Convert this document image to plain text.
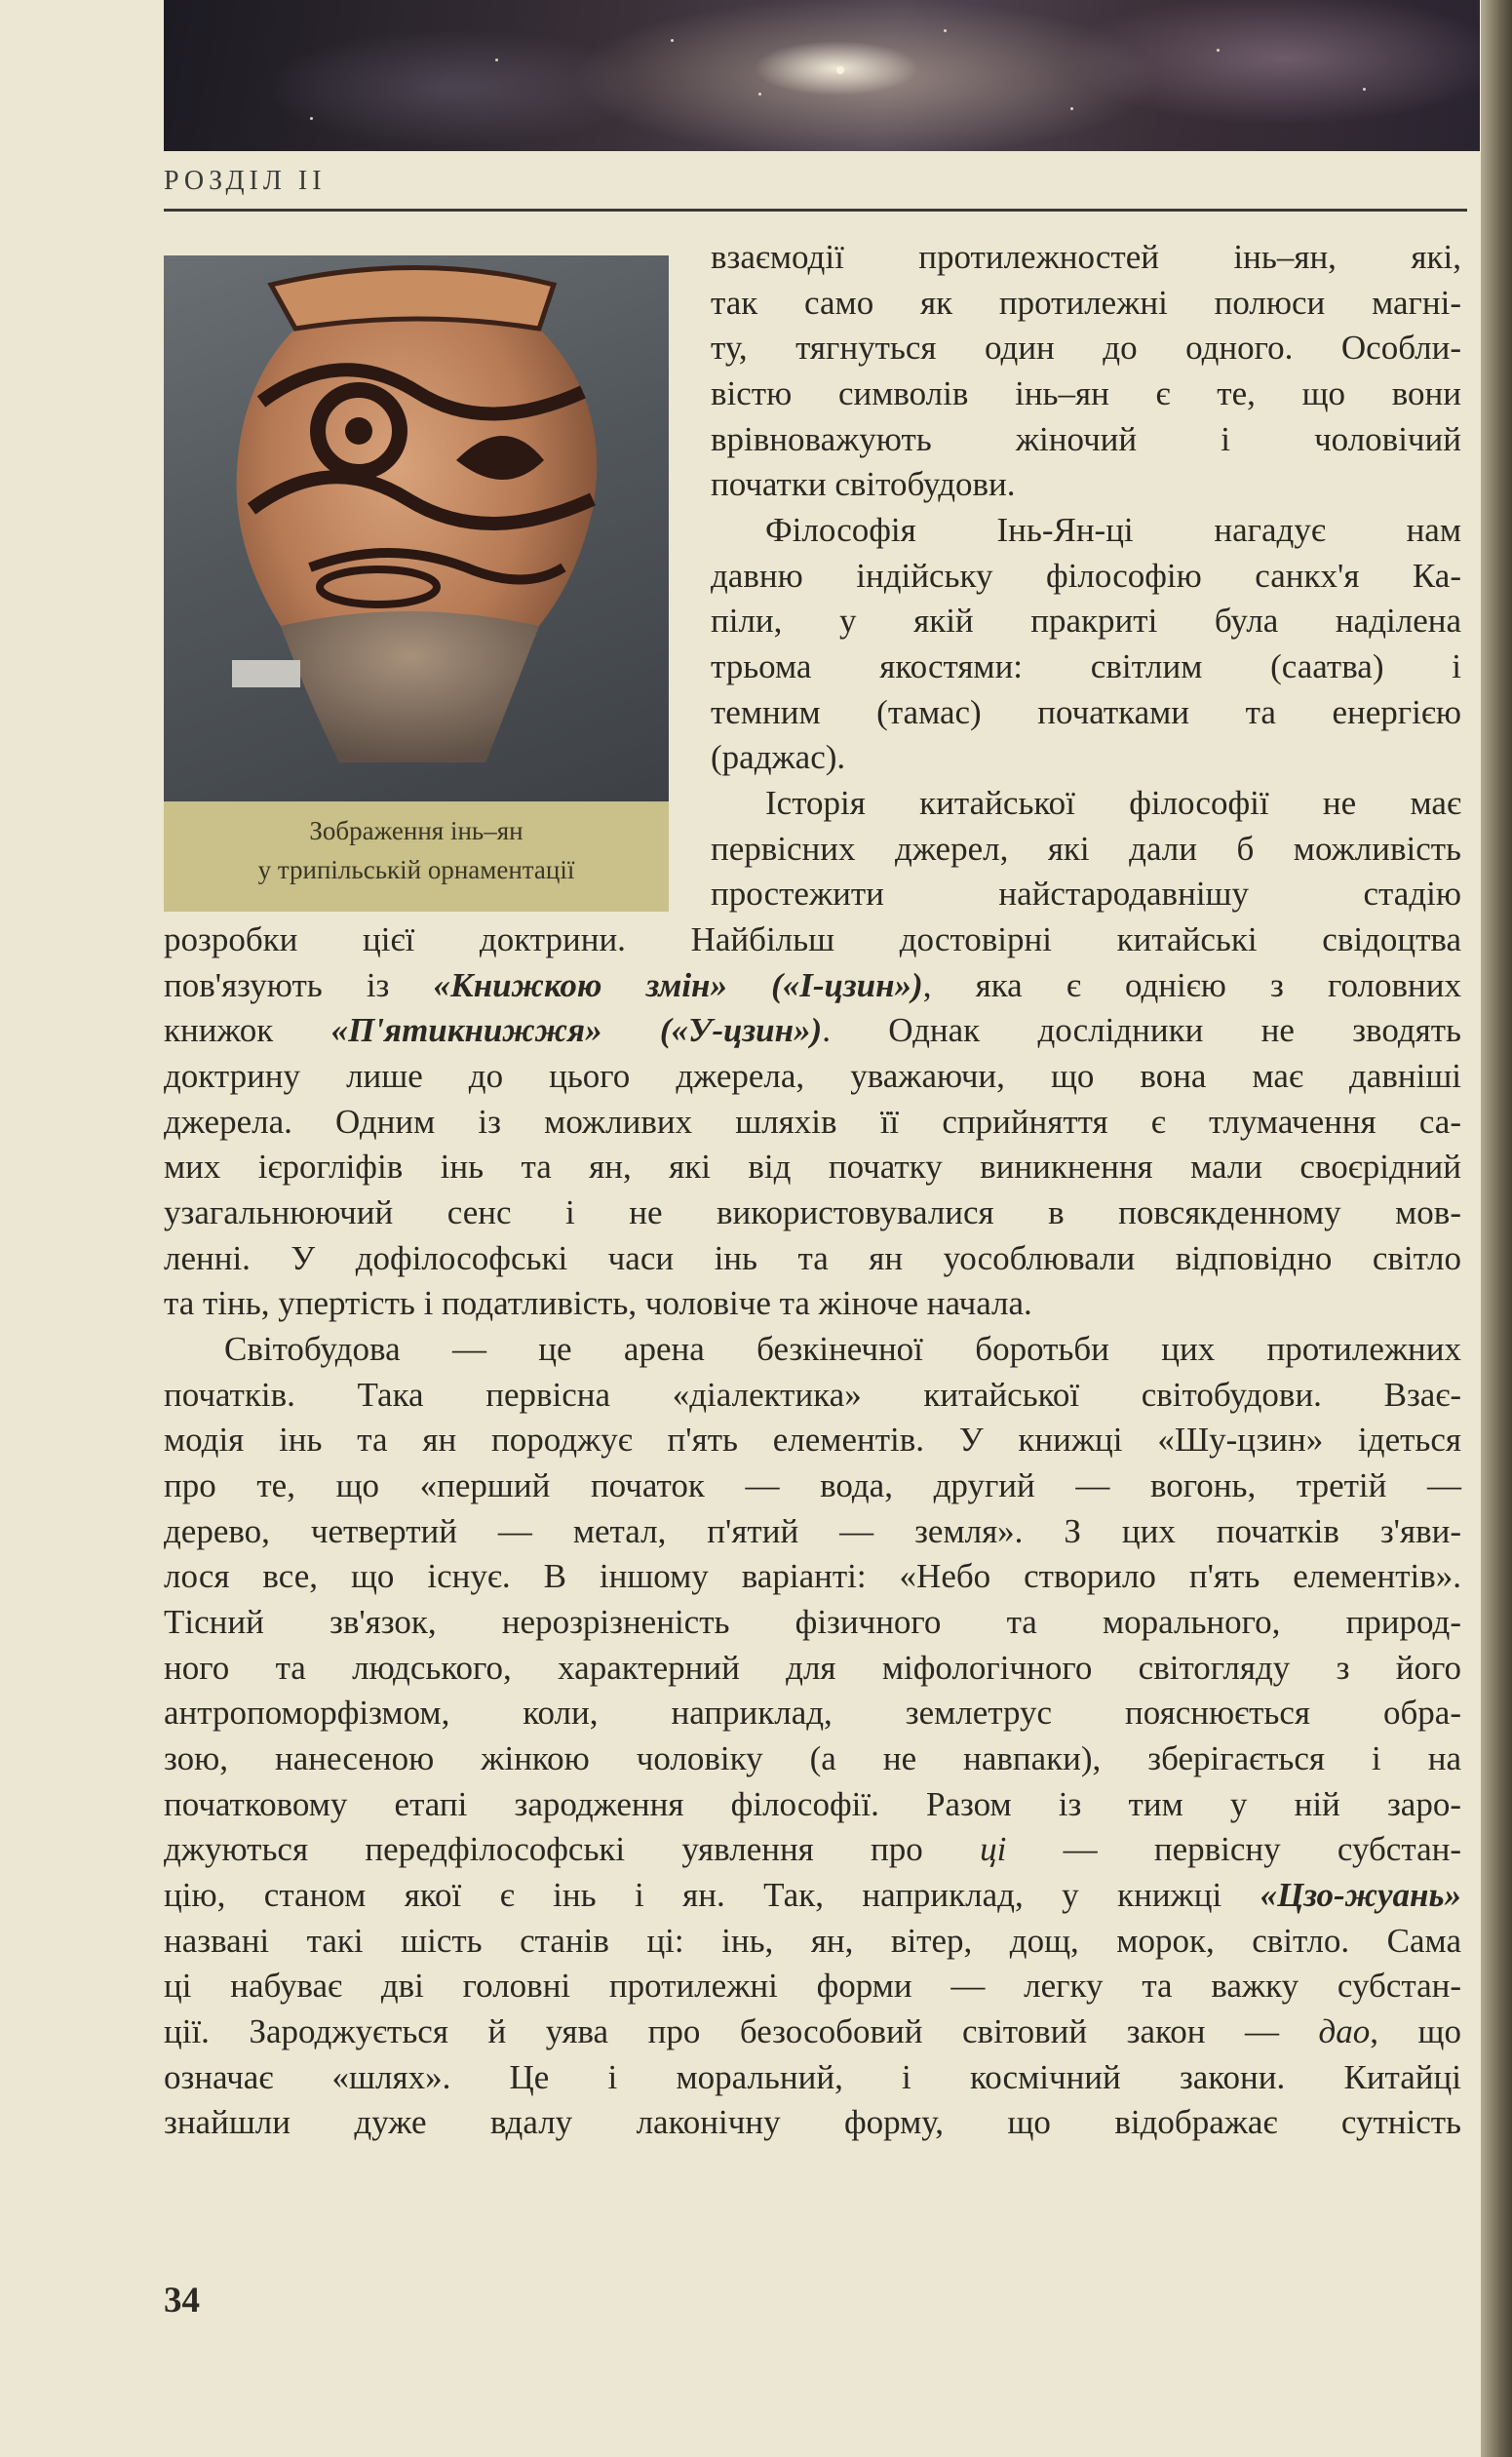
РОЗДІЛ II
Зображення інь–ян
у трипільській орнаментації
взаємодії протилежностей інь–ян, які,
так само як протилежні полюси магні-
ту, тягнуться один до одного. Особли-
вістю символів інь–ян є те, що вони
врівноважують жіночий і чоловічий
початки світобудови.
Філософія Інь-Ян-ці нагадує нам
давню індійську філософію санкх'я Ка-
піли, у якій пракриті була наділена
трьома якостями: світлим (саатва) і
темним (тамас) початками та енергією
(раджас).
Історія китайської філософії не має
первісних джерел, які дали б можливість
простежити найстародавнішу стадію
розробки цієї доктрини. Найбільш достовірні китайські свідоцтва
пов'язують із «Книжкою змін» («І-цзин»), яка є однією з головних
книжок «П'ятикнижжя» («У-цзин»). Однак дослідники не зводять
доктрину лише до цього джерела, уважаючи, що вона має давніші
джерела. Одним із можливих шляхів її сприйняття є тлумачення са-
мих ієрогліфів інь та ян, які від початку виникнення мали своєрідний
узагальнюючий сенс і не використовувалися в повсякденному мов-
ленні. У дофілософські часи інь та ян уособлювали відповідно світло
та тінь, упертість і податливість, чоловіче та жіноче начала.
Світобудова — це арена безкінечної боротьби цих протилежних
початків. Така первісна «діалектика» китайської світобудови. Взає-
модія інь та ян породжує п'ять елементів. У книжці «Шу-цзин» ідеться
про те, що «перший початок — вода, другий — вогонь, третій —
дерево, четвертий — метал, п'ятий — земля». З цих початків з'яви-
лося все, що існує. В іншому варіанті: «Небо створило п'ять елементів».
Тісний зв'язок, нерозрізненість фізичного та морального, природ-
ного та людського, характерний для міфологічного світогляду з його
антропоморфізмом, коли, наприклад, землетрус пояснюється обра-
зою, нанесеною жінкою чоловіку (а не навпаки), зберігається і на
початковому етапі зародження філософії. Разом із тим у ній заро-
джуються передфілософські уявлення про ці — первісну субстан-
цію, станом якої є інь і ян. Так, наприклад, у книжці «Цзо-жуань»
названі такі шість станів ці: інь, ян, вітер, дощ, морок, світло. Сама
ці набуває дві головні протилежні форми — легку та важку субстан-
ції. Зароджується й уява про безособовий світовий закон — дао, що
означає «шлях». Це і моральний, і космічний закони. Китайці
знайшли дуже вдалу лаконічну форму, що відображає сутність
34
